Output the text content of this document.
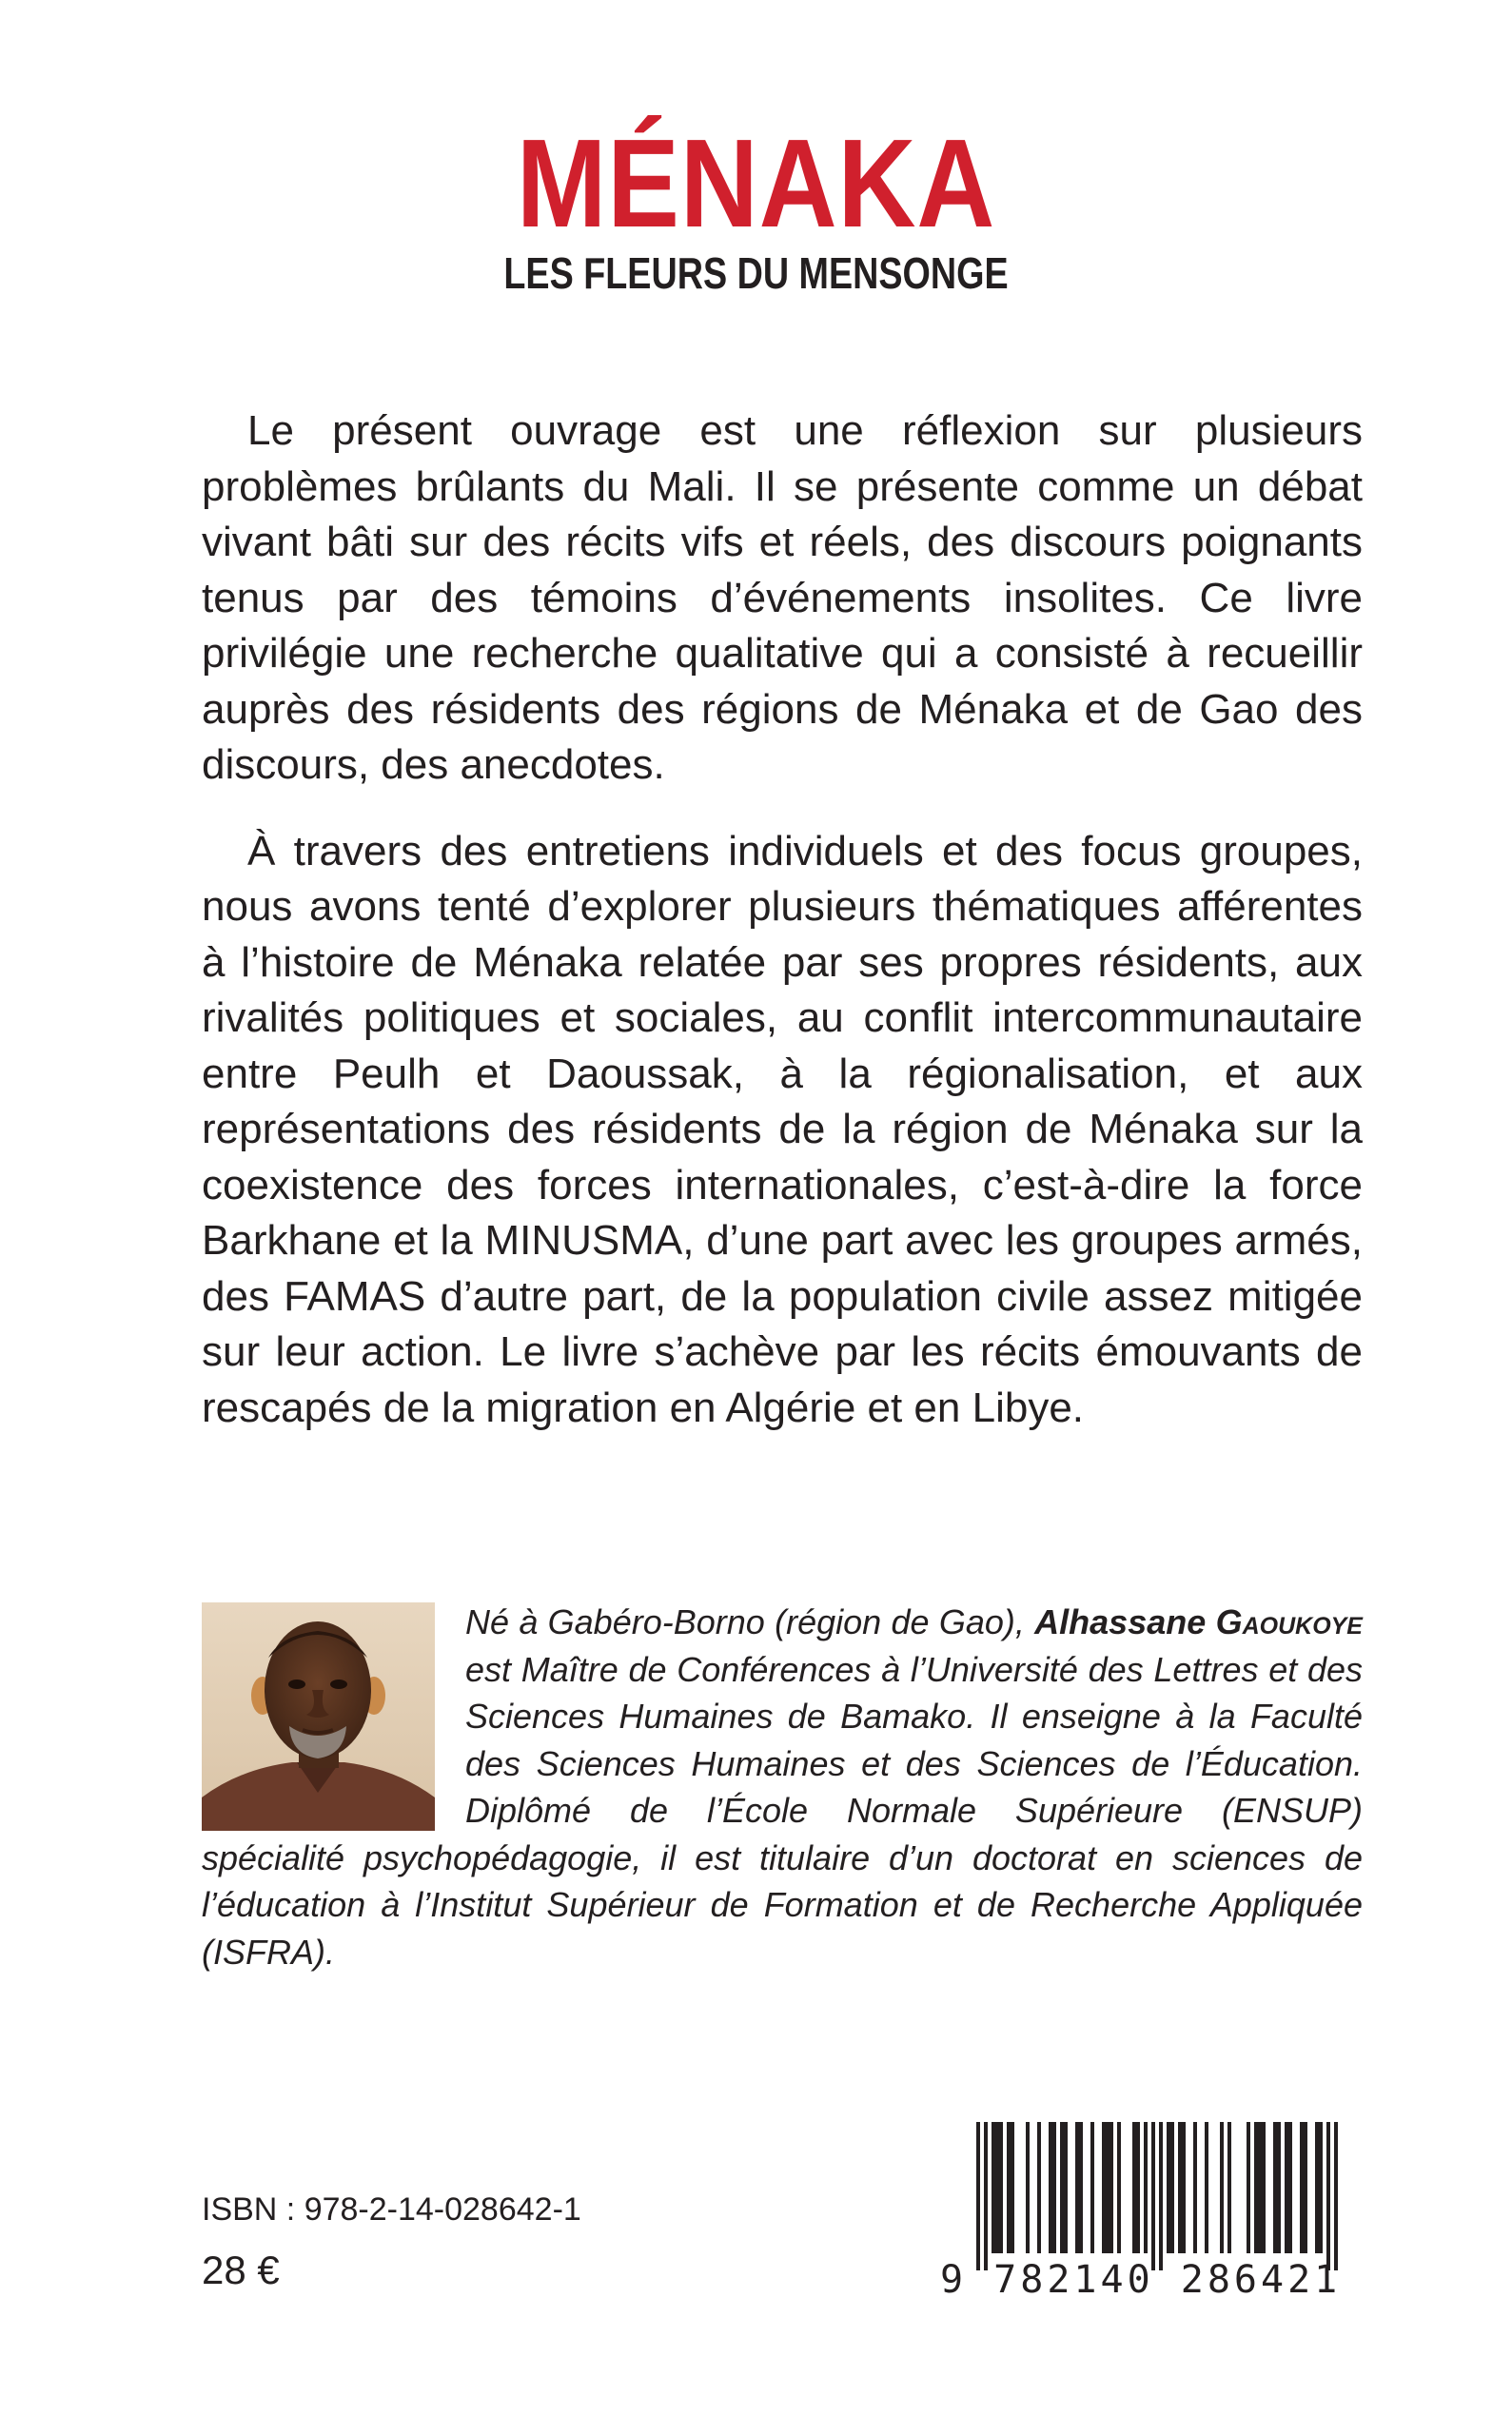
MÉNAKA
LES FLEURS DU MENSONGE

Le présent ouvrage est une réflexion sur plusieurs problèmes brûlants du Mali. Il se présente comme un débat vivant bâti sur des récits vifs et réels, des discours poignants tenus par des témoins d’événements insolites. Ce livre privilégie une recherche qualitative qui a consisté à recueillir auprès des résidents des régions de Ménaka et de Gao des discours, des anecdotes.

À travers des entretiens individuels et des focus groupes, nous avons tenté d’explorer plusieurs thématiques afférentes à l’histoire de Ménaka relatée par ses propres résidents, aux rivalités politiques et sociales, au conflit intercommunautaire entre Peulh et Daoussak, à la régionalisation, et aux représentations des résidents de la région de Ménaka sur la coexistence des forces internationales, c’est-à-dire la force Barkhane et la MINUSMA, d’une part avec les groupes armés, des FAMAS d’autre part, de la population civile assez mitigée sur leur action. Le livre s’achève par les récits émouvants de rescapés de la migration en Algérie et en Libye.

Né à Gabéro-Borno (région de Gao), Alhassane Gaoukoye est Maître de Conférences à l’Université des Lettres et des Sciences Humaines de Bamako. Il enseigne à la Faculté des Sciences Humaines et des Sciences de l’Éducation. Diplômé de l’École Normale Supérieure (ENSUP) spécialité psychopédagogie, il est titulaire d’un doctorat en sciences de l’éducation à l’Institut Supérieur de Formation et de Recherche Appliquée (ISFRA).
ISBN : 978-2-14-028642-1
28 €	9 782140 286421
